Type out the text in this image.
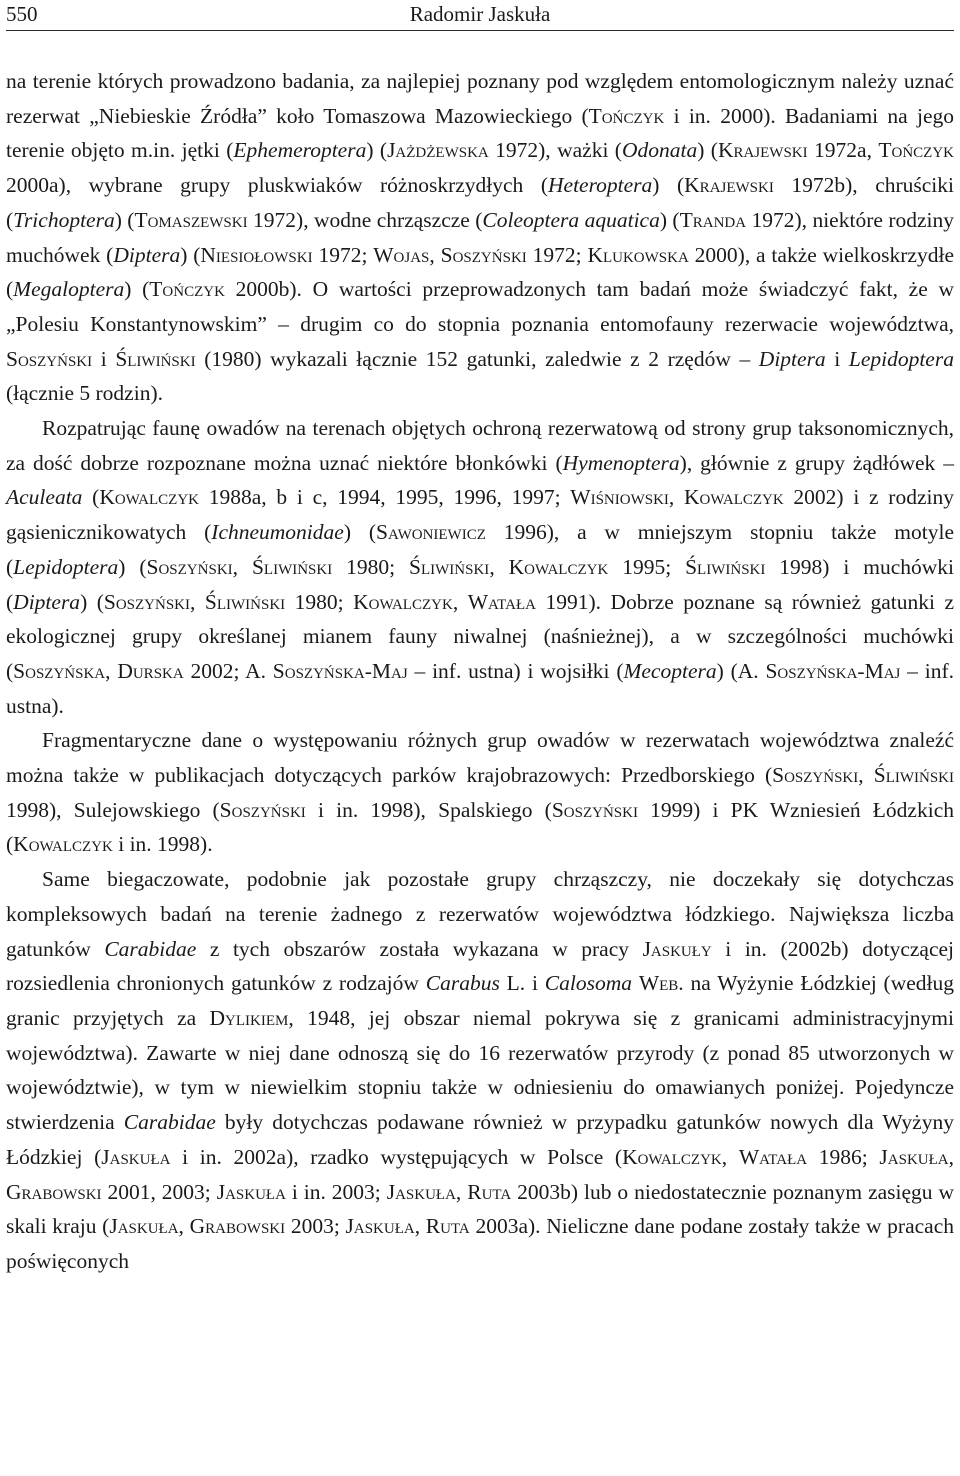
550	Radomir Jaskuła

na terenie których prowadzono badania, za najlepiej poznany pod względem entomologicznym należy uznać rezerwat „Niebieskie Źródła” koło Tomaszowa Mazowieckiego (Tończyk i in. 2000). Badaniami na jego terenie objęto m.in. jętki (Ephemeroptera) (Jażdżewska 1972), ważki (Odonata) (Krajewski 1972a, Tończyk 2000a), wybrane grupy pluskwiaków różnoskrzydłych (Heteroptera) (Krajewski 1972b), chruściki (Trichoptera) (Tomaszewski 1972), wodne chrząszcze (Coleoptera aquatica) (Tranda 1972), niektóre rodziny muchówek (Diptera) (Niesiołowski 1972; Wojas, Soszyński 1972; Klukowska 2000), a także wielkoskrzydłe (Megaloptera) (Tończyk 2000b). O wartości przeprowadzonych tam badań może świadczyć fakt, że w „Polesiu Konstantynowskim” – drugim co do stopnia poznania entomofauny rezerwacie województwa, Soszyński i Śliwiński (1980) wykazali łącznie 152 gatunki, zaledwie z 2 rzędów – Diptera i Lepidoptera (łącznie 5 rodzin).

Rozpatrując faunę owadów na terenach objętych ochroną rezerwatową od strony grup taksonomicznych, za dość dobrze rozpoznane można uznać niektóre błonkówki (Hymenoptera), głównie z grupy żądłówek – Aculeata (Kowalczyk 1988a, b i c, 1994, 1995, 1996, 1997; Wiśniowski, Kowalczyk 2002) i z rodziny gąsienicznikowatych (Ichneumonidae) (Sawoniewicz 1996), a w mniejszym stopniu także motyle (Lepidoptera) (Soszyński, Śliwiński 1980; Śliwiński, Kowalczyk 1995; Śliwiński 1998) i muchówki (Diptera) (Soszyński, Śliwiński 1980; Kowalczyk, Watała 1991). Dobrze poznane są również gatunki z ekologicznej grupy określanej mianem fauny niwalnej (naśnieżnej), a w szczególności muchówki (Soszyńska, Durska 2002; A. Soszyńska-Maj – inf. ustna) i wojsiłki (Mecoptera) (A. Soszyńska-Maj – inf. ustna).

Fragmentaryczne dane o występowaniu różnych grup owadów w rezerwatach województwa znaleźć można także w publikacjach dotyczących parków krajobrazowych: Przedborskiego (Soszyński, Śliwiński 1998), Sulejowskiego (Soszyński i in. 1998), Spalskiego (Soszyński 1999) i PK Wzniesień Łódzkich (Kowalczyk i in. 1998).

Same biegaczowate, podobnie jak pozostałe grupy chrząszczy, nie doczekały się dotychczas kompleksowych badań na terenie żadnego z rezerwatów województwa łódzkiego. Największa liczba gatunków Carabidae z tych obszarów została wykazana w pracy Jaskuły i in. (2002b) dotyczącej rozsiedlenia chronionych gatunków z rodzajów Carabus L. i Calosoma Web. na Wyżynie Łódzkiej (według granic przyjętych za Dylikiem, 1948, jej obszar niemal pokrywa się z granicami administracyjnymi województwa). Zawarte w niej dane odnoszą się do 16 rezerwatów przyrody (z ponad 85 utworzonych w województwie), w tym w niewielkim stopniu także w odniesieniu do omawianych poniżej. Pojedyncze stwierdzenia Carabidae były dotychczas podawane również w przypadku gatunków nowych dla Wyżyny Łódzkiej (Jaskuła i in. 2002a), rzadko występujących w Polsce (Kowalczyk, Watała 1986; Jaskuła, Grabowski 2001, 2003; Jaskuła i in. 2003; Jaskuła, Ruta 2003b) lub o niedostatecznie poznanym zasięgu w skali kraju (Jaskuła, Grabowski 2003; Jaskuła, Ruta 2003a). Nieliczne dane podane zostały także w pracach poświęconych
